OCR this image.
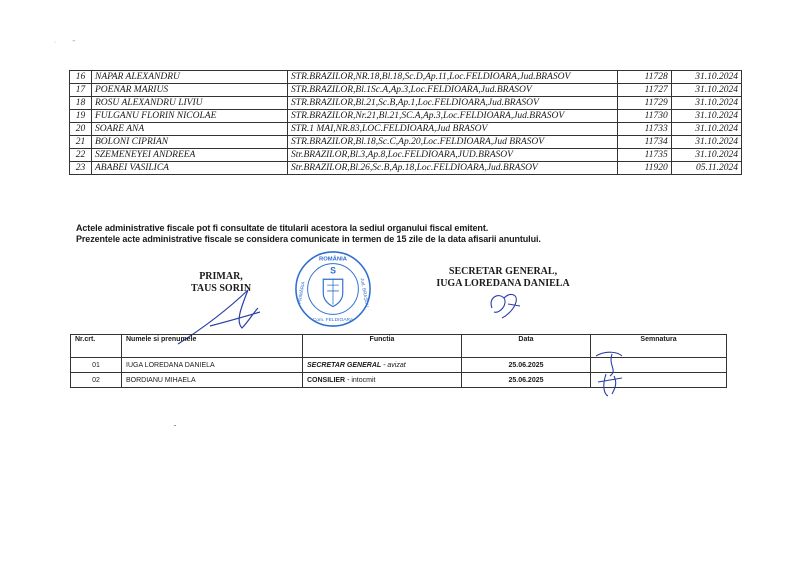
·           ''
16	NAPAR ALEXANDRU	STR.BRAZILOR,NR.18,Bl.18,Sc.D,Ap.11,Loc.FELDIOARA,Jud.BRASOV	11728	31.10.2024
17	POENAR MARIUS	STR.BRAZILOR,Bl.1Sc.A,Ap.3,Loc.FELDIOARA,Jud.BRASOV	11727	31.10.2024
18	ROSU ALEXANDRU LIVIU	STR.BRAZILOR,Bl.21,Sc.B,Ap.1,Loc.FELDIOARA,Jud.BRASOV	11729	31.10.2024
19	FULGANU FLORIN NICOLAE	STR.BRAZILOR,Nr.21,Bl.21,SC.A,Ap.3,Loc.FELDIOARA,Jud.BRASOV	11730	31.10.2024
20	SOARE ANA	STR.1 MAI,NR.83,LOC.FELDIOARA,Jud BRASOV	11733	31.10.2024
21	BOLONI CIPRIAN	STR.BRAZILOR,Bl.18,Sc.C,Ap.20,Loc.FELDIOARA,Jud BRASOV	11734	31.10.2024
22	SZEMENEYEI ANDREEA	Str.BRAZILOR,Bl.3,Ap.8,Loc.FELDIOARA,JUD.BRASOV	11735	31.10.2024
23	ABABEI VASILICA	Str.BRAZILOR,Bl.26,Sc.B,Ap.18,Loc.FELDIOARA,Jud.BRASOV	11920	05.11.2024
Actele administrative fiscale pot fi consultate de titularii acestora la sediul organului fiscal emitent.
Prezentele acte administrative fiscale se considera comunicate in termen de 15 zile de la data afisarii anuntului.
PRIMAR,
TAUS SORIN
ROMÂNIA
S
PRIMĂRIA
Com. FELDIOARA
Jud. BRAȘOV
SECRETAR GENERAL,
IUGA LOREDANA DANIELA
Nr.crt.	Numele si prenumele	Functia	Data	Semnatura
01	IUGA LOREDANA DANIELA	SECRETAR GENERAL - avizat	25.06.2025	
02	BORDIANU MIHAELA	CONSILIER - intocmit	25.06.2025	
